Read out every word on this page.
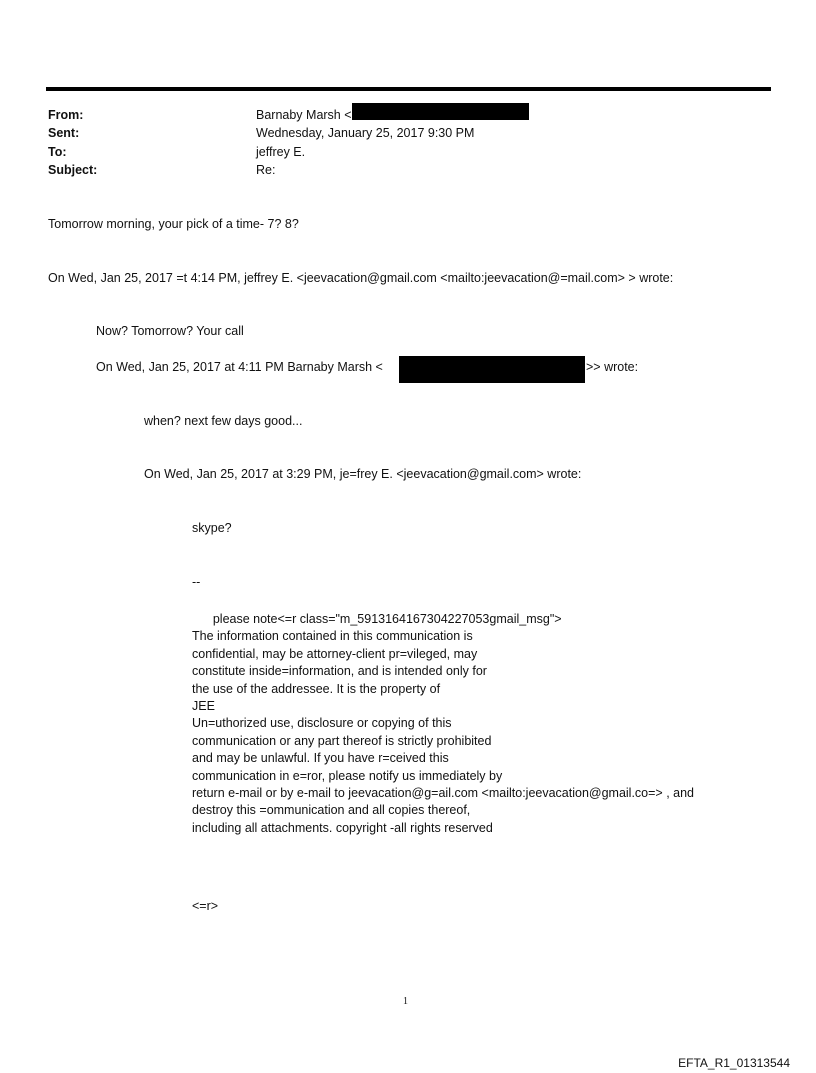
From:	Barnaby Marsh <
Sent:	Wednesday, January 25, 2017 9:30 PM
To:	jeffrey E.
Subject:	Re:
Tomorrow morning, your pick of a time- 7? 8?
On Wed, Jan 25, 2017 =t 4:14 PM, jeffrey E. <jeevacation@gmail.com <mailto:jeevacation@=mail.com> > wrote:
Now? Tomorrow? Your call
On Wed, Jan 25, 2017 at 4:11 PM Barnaby Marsh <	>> wrote:
when? next few days good...
On Wed, Jan 25, 2017 at 3:29 PM, je=frey E. <jeevacation@gmail.com> wrote:
skype?
--
please note<=r class="m_5913164167304227053gmail_msg">
The information contained in this communication is
confidential, may be attorney-client pr=vileged, may
constitute inside=information, and is intended only for
the use of the addressee. It is the property of
JEE
Un=uthorized use, disclosure or copying of this
communication or any part thereof is strictly prohibited
and may be unlawful. If you have r=ceived this
communication in e=ror, please notify us immediately by
return e-mail or by e-mail to jeevacation@g=ail.com <mailto:jeevacation@gmail.co=> , and
destroy this =ommunication and all copies thereof,
including all attachments. copyright -all rights reserved
<=r>
1
EFTA_R1_01313544
